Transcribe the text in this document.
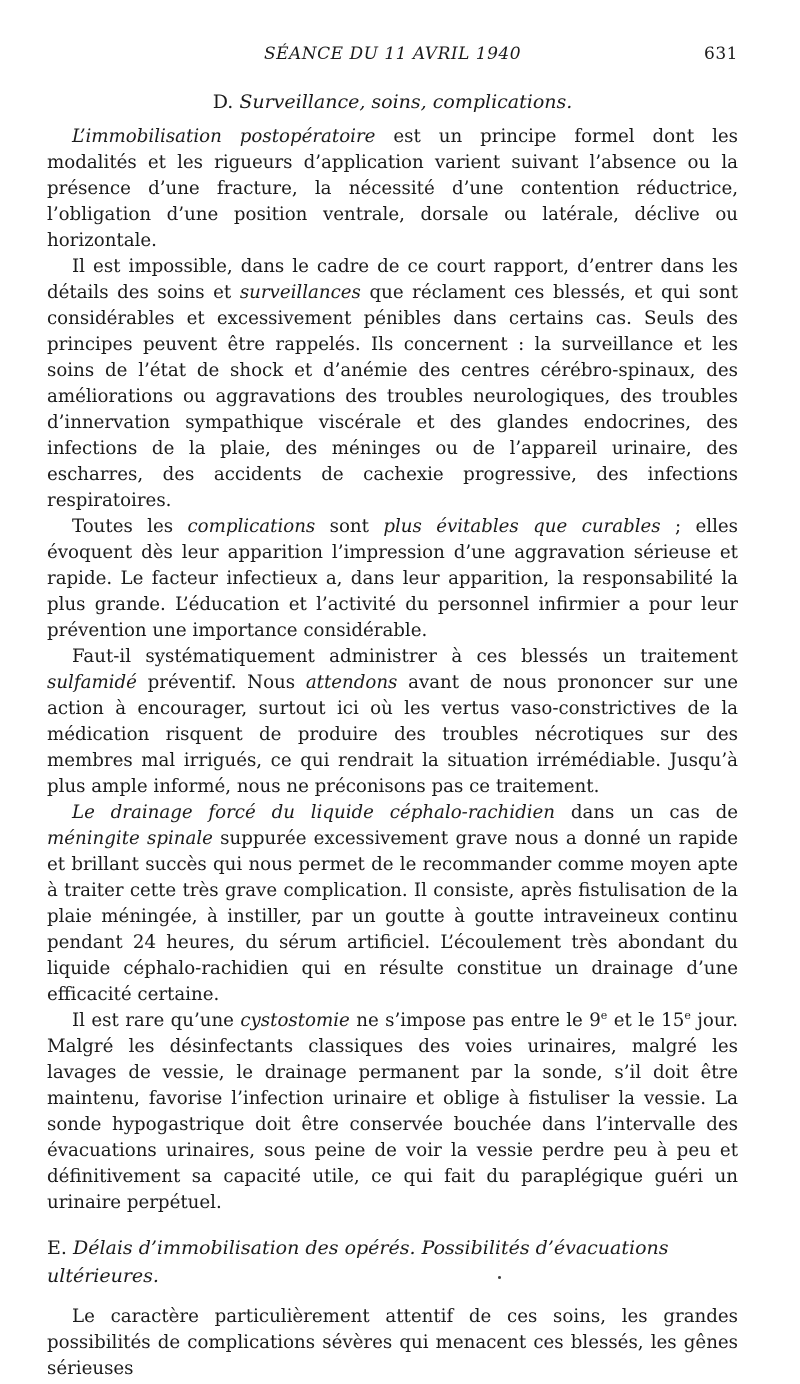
SÉANCE DU 11 AVRIL 1940	631
D. Surveillance, soins, complications.

L’immobilisation postopératoire est un principe formel dont les modalités et les rigueurs d’application varient suivant l’absence ou la présence d’une fracture, la nécessité d’une contention réductrice, l’obligation d’une position ventrale, dorsale ou latérale, déclive ou horizontale.

Il est impossible, dans le cadre de ce court rapport, d’entrer dans les détails des soins et surveillances que réclament ces blessés, et qui sont considérables et excessivement pénibles dans certains cas. Seuls des principes peuvent être rappelés. Ils concernent : la surveillance et les soins de l’état de shock et d’anémie des centres cérébro-spinaux, des améliorations ou aggravations des troubles neurologiques, des troubles d’innervation sympathique viscérale et des glandes endocrines, des infections de la plaie, des méninges ou de l’appareil urinaire, des escharres, des accidents de cachexie progressive, des infections respiratoires.

Toutes les complications sont plus évitables que curables ; elles évoquent dès leur apparition l’impression d’une aggravation sérieuse et rapide. Le facteur infectieux a, dans leur apparition, la responsabilité la plus grande. L’éducation et l’activité du personnel infirmier a pour leur prévention une importance considérable.

Faut-il systématiquement administrer à ces blessés un traitement sulfamidé préventif. Nous attendons avant de nous prononcer sur une action à encourager, surtout ici où les vertus vaso-constrictives de la médication risquent de produire des troubles nécrotiques sur des membres mal irrigués, ce qui rendrait la situation irrémédiable. Jusqu’à plus ample informé, nous ne préconisons pas ce traitement.

Le drainage forcé du liquide céphalo-rachidien dans un cas de méningite spinale suppurée excessivement grave nous a donné un rapide et brillant succès qui nous permet de le recommander comme moyen apte à traiter cette très grave complication. Il consiste, après fistulisation de la plaie méningée, à instiller, par un goutte à goutte intraveineux continu pendant 24 heures, du sérum artificiel. L’écoulement très abondant du liquide céphalo-rachidien qui en résulte constitue un drainage d’une efficacité certaine.

Il est rare qu’une cystostomie ne s’impose pas entre le 9e et le 15e jour. Malgré les désinfectants classiques des voies urinaires, malgré les lavages de vessie, le drainage permanent par la sonde, s’il doit être maintenu, favorise l’infection urinaire et oblige à fistuliser la vessie. La sonde hypogastrique doit être conservée bouchée dans l’intervalle des évacuations urinaires, sous peine de voir la vessie perdre peu à peu et définitivement sa capacité utile, ce qui fait du paraplégique guéri un urinaire perpétuel.

E. Délais d’immobilisation des opérés. Possibilités d’évacuations ultérieures.

Le caractère particulièrement attentif de ces soins, les grandes possibilités de complications sévères qui menacent ces blessés, les gênes sérieuses
